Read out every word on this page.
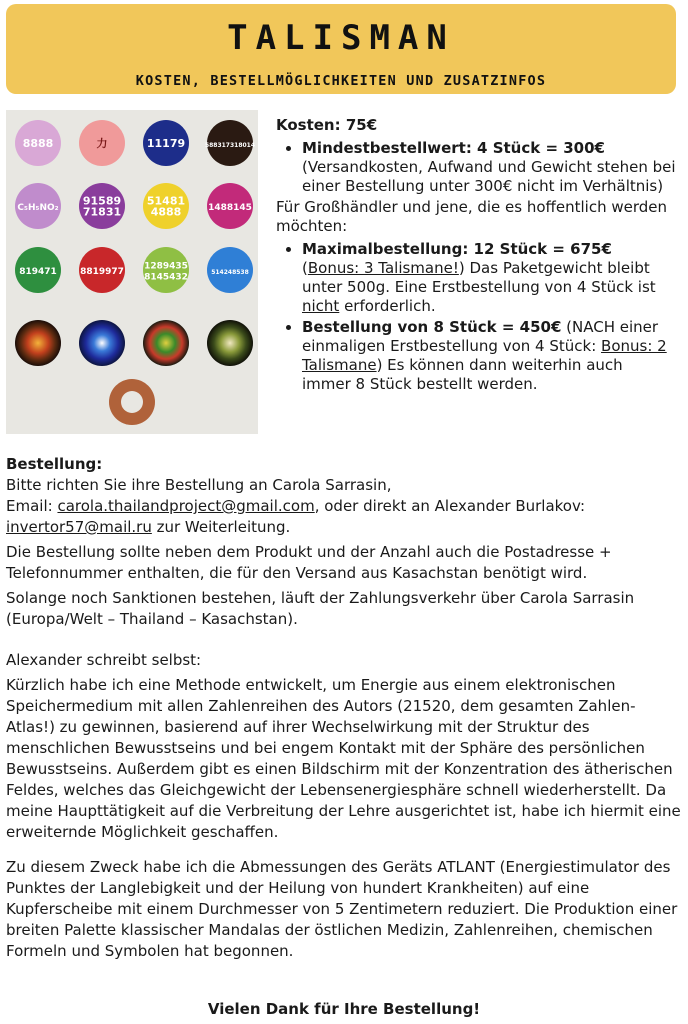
TALISMAN
KOSTEN, BESTELLMÖGLICHKEITEN UND ZUSATZINFOS
8888	力	11179	588317318014
C₅H₅NO₂
91589
71831
51481
4888	1488145
819471	8819977
1289435
8145432	514248538

Kosten: 75€

• Mindestbestellwert: 4 Stück = 300€
(Versandkosten, Aufwand und Gewicht stehen bei einer Bestellung unter 300€ nicht im Verhältnis)

Für Großhändler und jene, die es hoffentlich werden möchten:

• Maximalbestellung: 12 Stück = 675€
(Bonus: 3 Talismane!) Das Paketgewicht bleibt unter 500g. Eine Erstbestellung von 4 Stück ist nicht erforderlich.
• Bestellung von 8 Stück = 450€ (NACH einer einmaligen Erstbestellung von 4 Stück: Bonus: 2 Talismane) Es können dann weiterhin auch immer 8 Stück bestellt werden.

Bestellung:

Bitte richten Sie ihre Bestellung an Carola Sarrasin,

Email: carola.thailandproject@gmail.com, oder direkt an Alexander Burlakov: invertor57@mail.ru zur Weiterleitung.

Die Bestellung sollte neben dem Produkt und der Anzahl auch die Postadresse + Telefonnummer enthalten, die für den Versand aus Kasachstan benötigt wird.

Solange noch Sanktionen bestehen, läuft der Zahlungsverkehr über Carola Sarrasin (Europa/Welt – Thailand – Kasachstan).

Alexander schreibt selbst:

Kürzlich habe ich eine Methode entwickelt, um Energie aus einem elektronischen Speichermedium mit allen Zahlenreihen des Autors (21520, dem gesamten Zahlen-Atlas!) zu gewinnen, basierend auf ihrer Wechselwirkung mit der Struktur des menschlichen Bewusstseins und bei engem Kontakt mit der Sphäre des persönlichen Bewusstseins. Außerdem gibt es einen Bildschirm mit der Konzentration des ätherischen Feldes, welches das Gleichgewicht der Lebensenergiesphäre schnell wiederherstellt. Da meine Haupttätigkeit auf die Verbreitung der Lehre ausgerichtet ist, habe ich hiermit eine erweiternde Möglichkeit geschaffen.

Zu diesem Zweck habe ich die Abmessungen des Geräts ATLANT (Energiestimulator des Punktes der Langlebigkeit und der Heilung von hundert Krankheiten) auf eine Kupferscheibe mit einem Durchmesser von 5 Zentimetern reduziert. Die Produktion einer breiten Palette klassischer Mandalas der östlichen Medizin, Zahlenreihen, chemischen Formeln und Symbolen hat begonnen.

Vielen Dank für Ihre Bestellung!
